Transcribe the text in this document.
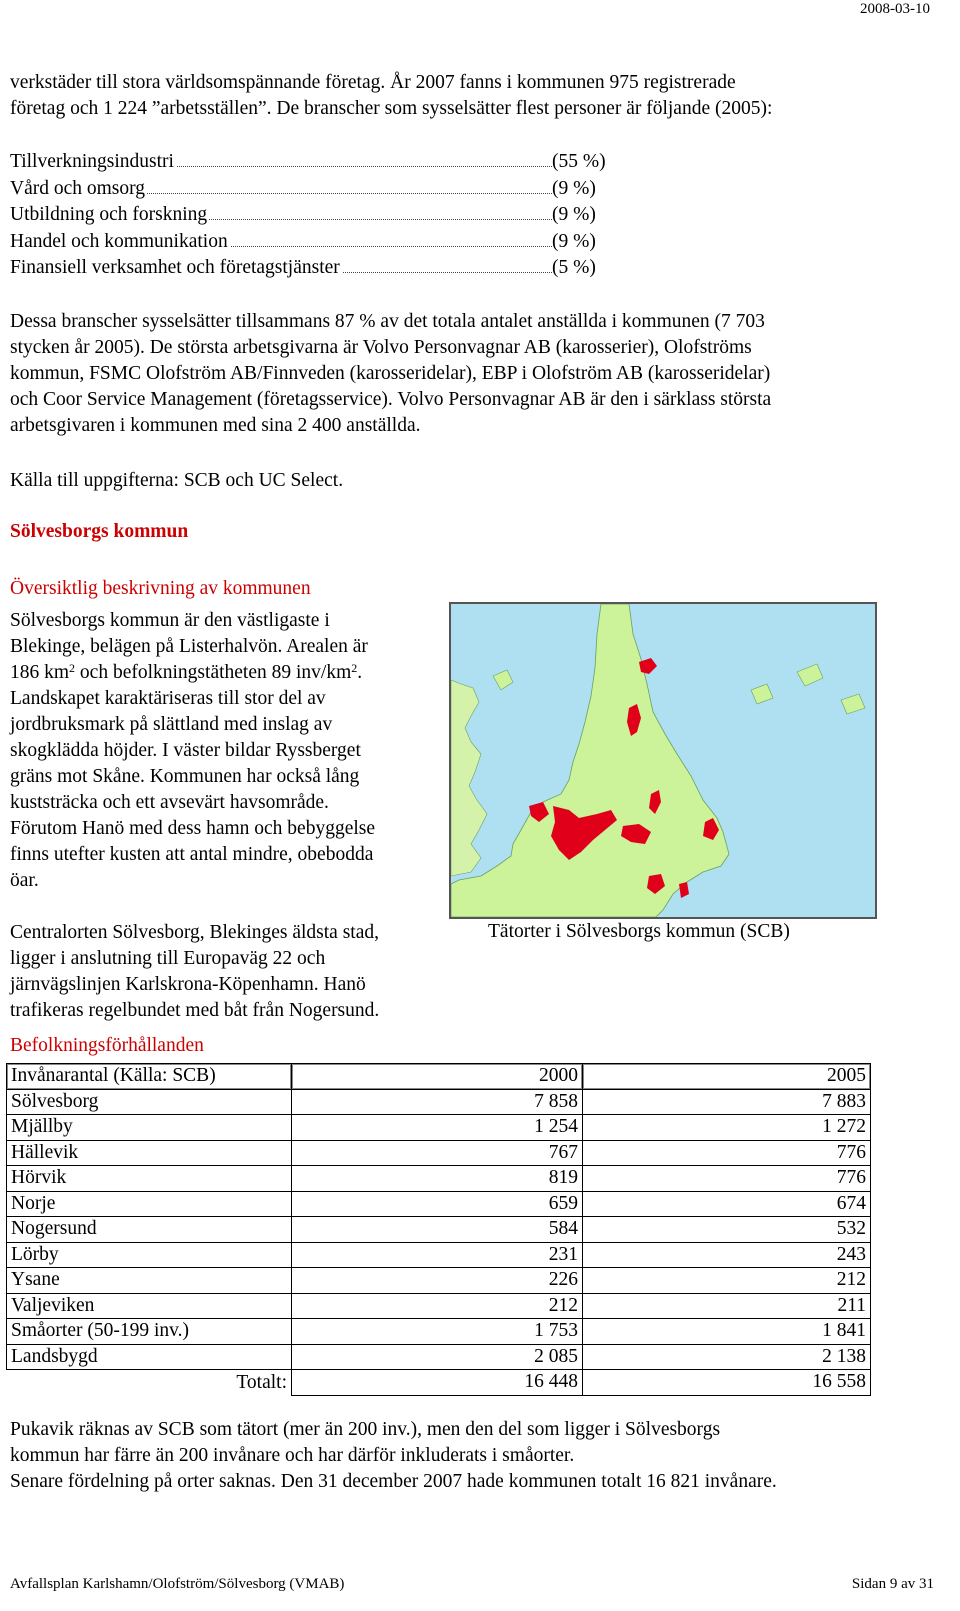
2008-03-10

verkstäder till stora världsomspännande företag. År 2007 fanns i kommunen 975 registrerade
företag och 1 224 ”arbetsställen”. De branscher som sysselsätter flest personer är följande (2005):

Tillverkningsindustri	(55 %)
Vård och omsorg	(9 %)
Utbildning och forskning	(9 %)
Handel och kommunikation	(9 %)
Finansiell verksamhet och företagstjänster	(5 %)

Dessa branscher sysselsätter tillsammans 87 % av det totala antalet anställda i kommunen (7 703
stycken år 2005). De största arbetsgivarna är Volvo Personvagnar AB (karosserier), Olofströms
kommun, FSMC Olofström AB/Finnveden (karosseridelar), EBP i Olofström AB (karosseridelar)
och Coor Service Management (företagsservice). Volvo Personvagnar AB är den i särklass största
arbetsgivaren i kommunen med sina 2 400 anställda.

Källa till uppgifterna: SCB och UC Select.

Sölvesborgs kommun
Översiktlig beskrivning av kommunen

Sölvesborgs kommun är den västligaste i
Blekinge, belägen på Listerhalvön. Arealen är
186 $km^2$ och befolkningstätheten 89 inv/$km^2$.
Landskapet karaktäriseras till stor del av
jordbruksmark på slättland med inslag av
skogklädda höjder. I väster bildar Ryssberget
gräns mot Skåne. Kommunen har också lång
kuststräcka och ett avsevärt havsområde.
Förutom Hanö med dess hamn och bebyggelse
finns utefter kusten att antal mindre, obebodda
öar.

Tätorter i Sölvesborgs kommun (SCB)

Centralorten Sölvesborg, Blekinges äldsta stad,
ligger i anslutning till Europaväg 22 och
järnvägslinjen Karlskrona-Köpenhamn. Hanö
trafikeras regelbundet med båt från Nogersund.

Befolkningsförhållanden
Invånarantal (Källa: SCB)	2000	2005
Sölvesborg	7 858	7 883
Mjällby	1 254	1 272
Hällevik	767	776
Hörvik	819	776
Norje	659	674
Nogersund	584	532
Lörby	231	243
Ysane	226	212
Valjeviken	212	211
Småorter (50-199 inv.)	1 753	1 841
Landsbygd	2 085	2 138
Totalt:	16 448	16 558

Pukavik räknas av SCB som tätort (mer än 200 inv.), men den del som ligger i Sölvesborgs
kommun har färre än 200 invånare och har därför inkluderats i småorter.
Senare fördelning på orter saknas. Den 31 december 2007 hade kommunen totalt 16 821 invånare.

Avfallsplan Karlshamn/Olofström/Sölvesborg (VMAB)	Sidan 9 av 31
